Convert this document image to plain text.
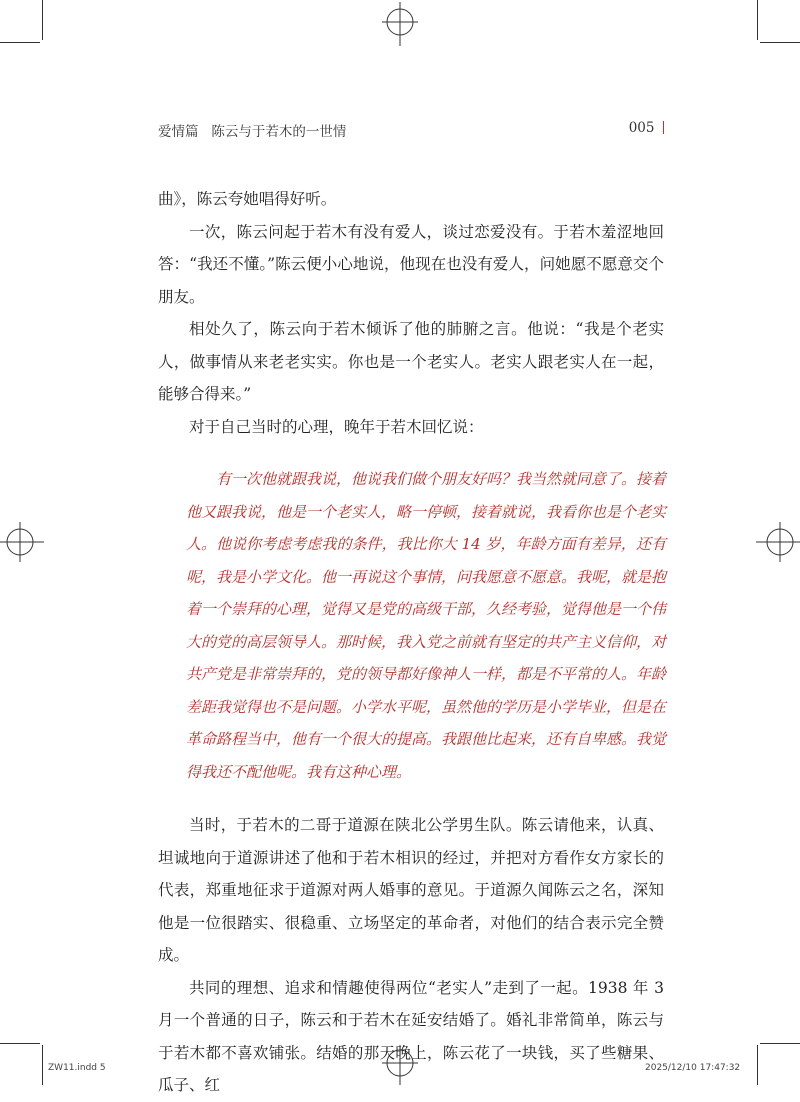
爱情篇 陈云与于若木的一世情	005

曲》，陈云夸她唱得好听。

一次，陈云问起于若木有没有爱人，谈过恋爱没有。于若木羞涩地回答：“我还不懂。”陈云便小心地说，他现在也没有爱人，问她愿不愿意交个朋友。

相处久了，陈云向于若木倾诉了他的肺腑之言。他说：“我是个老实人，做事情从来老老实实。你也是一个老实人。老实人跟老实人在一起，能够合得来。”

对于自己当时的心理，晚年于若木回忆说：

有一次他就跟我说，他说我们做个朋友好吗？我当然就同意了。接着他又跟我说，他是一个老实人，略一停顿，接着就说，我看你也是个老实人。他说你考虑考虑我的条件，我比你大 14 岁，年龄方面有差异，还有呢，我是小学文化。他一再说这个事情，问我愿意不愿意。我呢，就是抱着一个崇拜的心理，觉得又是党的高级干部，久经考验，觉得他是一个伟大的党的高层领导人。那时候，我入党之前就有坚定的共产主义信仰，对共产党是非常崇拜的，党的领导都好像神人一样，都是不平常的人。年龄差距我觉得也不是问题。小学水平呢，虽然他的学历是小学毕业，但是在革命路程当中，他有一个很大的提高。我跟他比起来，还有自卑感。我觉得我还不配他呢。我有这种心理。

当时，于若木的二哥于道源在陕北公学男生队。陈云请他来，认真、坦诚地向于道源讲述了他和于若木相识的经过，并把对方看作女方家长的代表，郑重地征求于道源对两人婚事的意见。于道源久闻陈云之名，深知他是一位很踏实、很稳重、立场坚定的革命者，对他们的结合表示完全赞成。

共同的理想、追求和情趣使得两位“老实人”走到了一起。1938 年 3 月一个普通的日子，陈云和于若木在延安结婚了。婚礼非常简单，陈云与于若木都不喜欢铺张。结婚的那天晚上，陈云花了一块钱，买了些糖果、瓜子、红

ZW11.indd 5	2025/12/10 17:47:32
